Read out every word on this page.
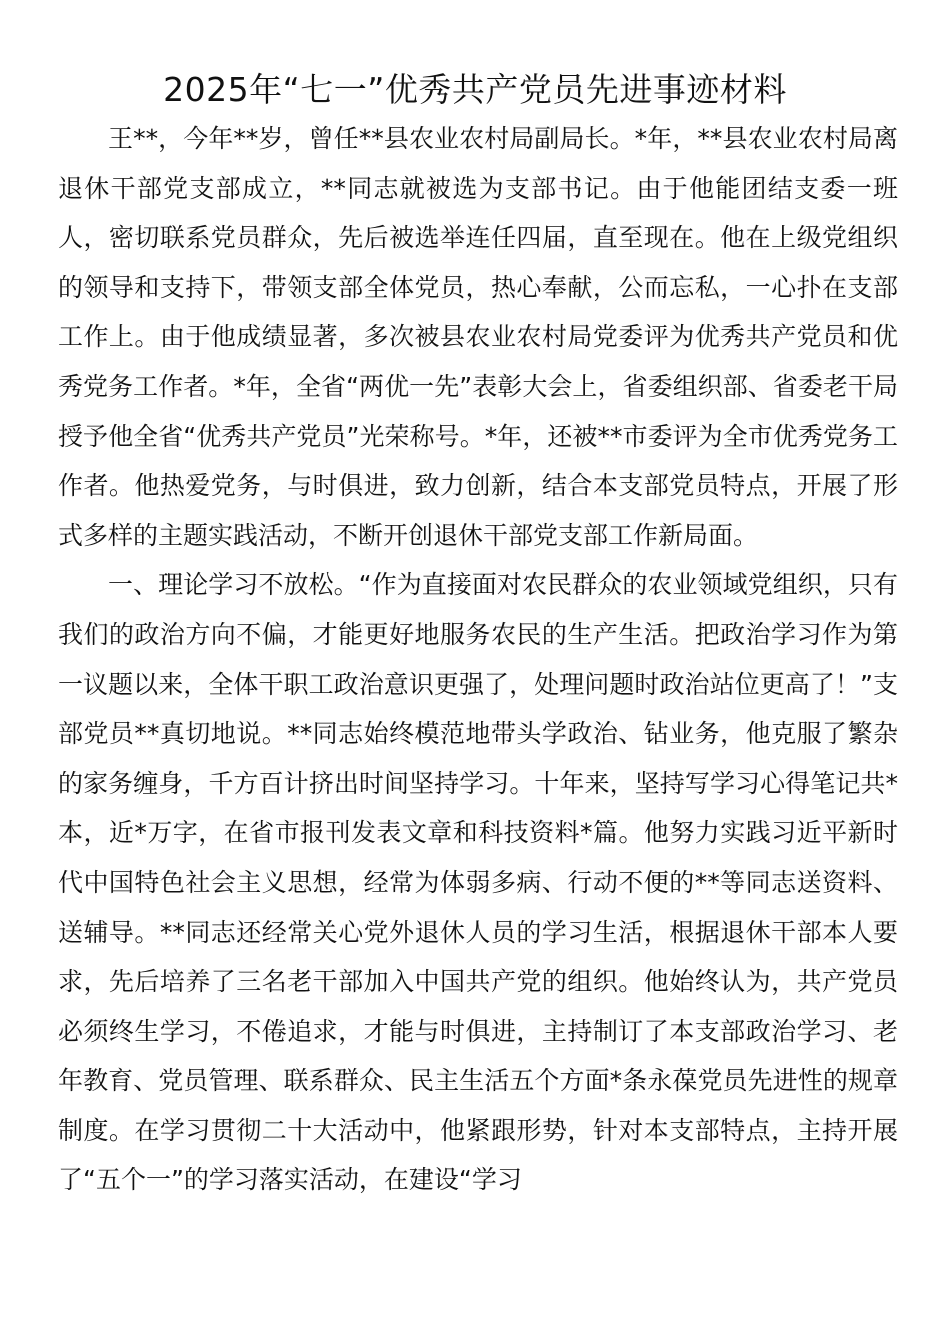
2025年“七一”优秀共产党员先进事迹材料

王**，今年**岁，曾任**县农业农村局副局长。*年，**县农业农村局离退休干部党支部成立，**同志就被选为支部书记。由于他能团结支委一班人，密切联系党员群众，先后被选举连任四届，直至现在。他在上级党组织的领导和支持下，带领支部全体党员，热心奉献，公而忘私，一心扑在支部工作上。由于他成绩显著，多次被县农业农村局党委评为优秀共产党员和优秀党务工作者。*年，全省“两优一先”表彰大会上，省委组织部、省委老干局授予他全省“优秀共产党员”光荣称号。*年，还被**市委评为全市优秀党务工作者。他热爱党务，与时俱进，致力创新，结合本支部党员特点，开展了形式多样的主题实践活动，不断开创退休干部党支部工作新局面。

一、理论学习不放松。“作为直接面对农民群众的农业领域党组织，只有我们的政治方向不偏，才能更好地服务农民的生产生活。把政治学习作为第一议题以来，全体干职工政治意识更强了，处理问题时政治站位更高了！”支部党员**真切地说。**同志始终模范地带头学政治、钻业务，他克服了繁杂的家务缠身，千方百计挤出时间坚持学习。十年来，坚持写学习心得笔记共*本，近*万字，在省市报刊发表文章和科技资料*篇。他努力实践习近平新时代中国特色社会主义思想，经常为体弱多病、行动不便的**等同志送资料、送辅导。**同志还经常关心党外退休人员的学习生活，根据退休干部本人要求，先后培养了三名老干部加入中国共产党的组织。他始终认为，共产党员必须终生学习，不倦追求，才能与时俱进，主持制订了本支部政治学习、老年教育、党员管理、联系群众、民主生活五个方面*条永葆党员先进性的规章制度。在学习贯彻二十大活动中，他紧跟形势，针对本支部特点，主持开展了“五个一”的学习落实活动，在建设“学习
